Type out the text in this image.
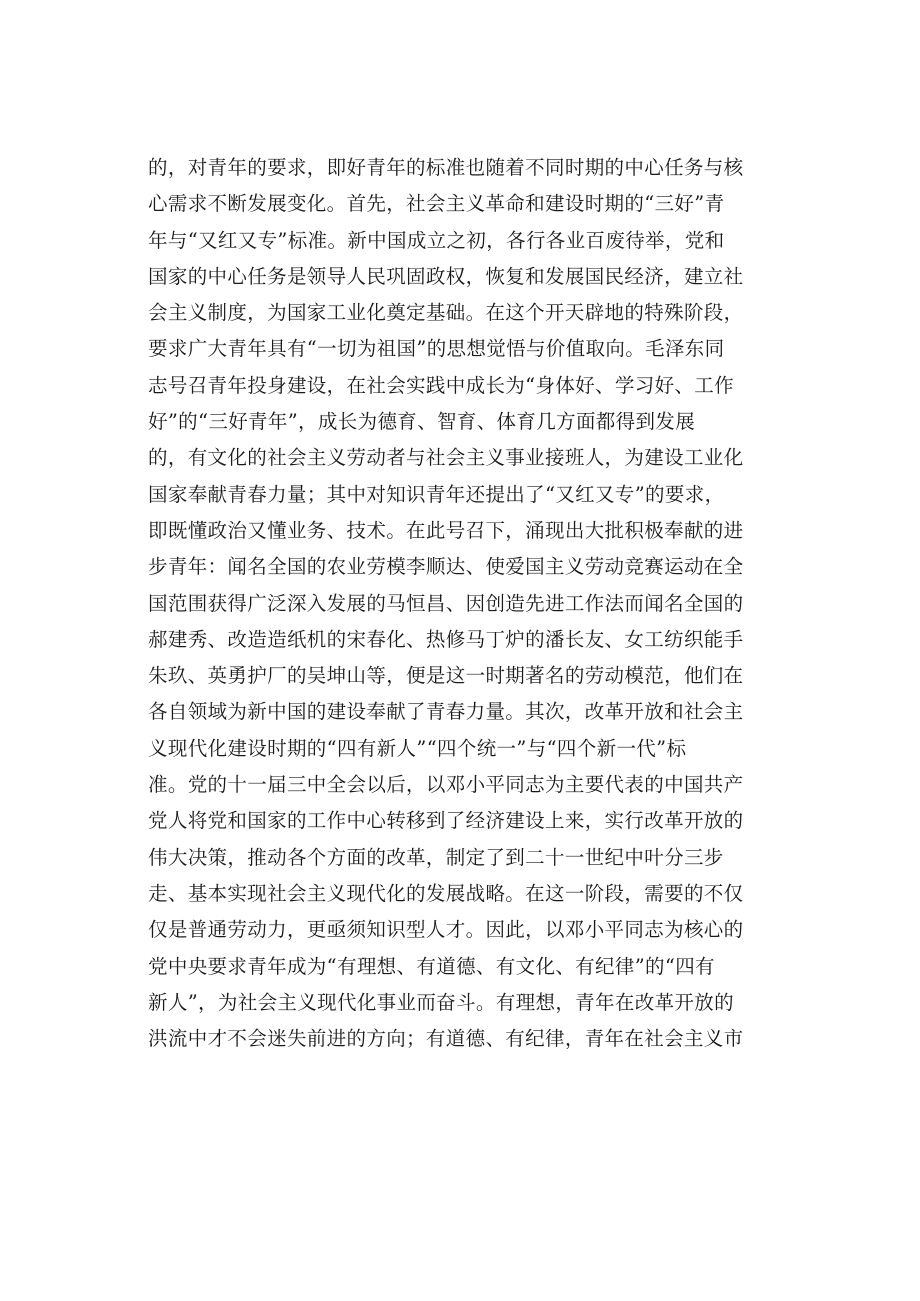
的，对青年的要求，即好青年的标准也随着不同时期的中心任务与核
心需求不断发展变化。首先，社会主义革命和建设时期的“三好”青
年与“又红又专”标准。新中国成立之初，各行各业百废待举，党和
国家的中心任务是领导人民巩固政权，恢复和发展国民经济，建立社
会主义制度，为国家工业化奠定基础。在这个开天辟地的特殊阶段，
要求广大青年具有“一切为祖国”的思想觉悟与价值取向。毛泽东同
志号召青年投身建设，在社会实践中成长为“身体好、学习好、工作
好”的“三好青年”，成长为德育、智育、体育几方面都得到发展
的，有文化的社会主义劳动者与社会主义事业接班人，为建设工业化
国家奉献青春力量；其中对知识青年还提出了“又红又专”的要求，
即既懂政治又懂业务、技术。在此号召下，涌现出大批积极奉献的进
步青年：闻名全国的农业劳模李顺达、使爱国主义劳动竞赛运动在全
国范围获得广泛深入发展的马恒昌、因创造先进工作法而闻名全国的
郝建秀、改造造纸机的宋春化、热修马丁炉的潘长友、女工纺织能手
朱玖、英勇护厂的吴坤山等，便是这一时期著名的劳动模范，他们在
各自领域为新中国的建设奉献了青春力量。其次，改革开放和社会主
义现代化建设时期的“四有新人”“四个统一”与“四个新一代”标
准。党的十一届三中全会以后，以邓小平同志为主要代表的中国共产
党人将党和国家的工作中心转移到了经济建设上来，实行改革开放的
伟大决策，推动各个方面的改革，制定了到二十一世纪中叶分三步
走、基本实现社会主义现代化的发展战略。在这一阶段，需要的不仅
仅是普通劳动力，更亟须知识型人才。因此，以邓小平同志为核心的
党中央要求青年成为“有理想、有道德、有文化、有纪律”的“四有
新人”，为社会主义现代化事业而奋斗。有理想，青年在改革开放的
洪流中才不会迷失前进的方向；有道德、有纪律，青年在社会主义市
